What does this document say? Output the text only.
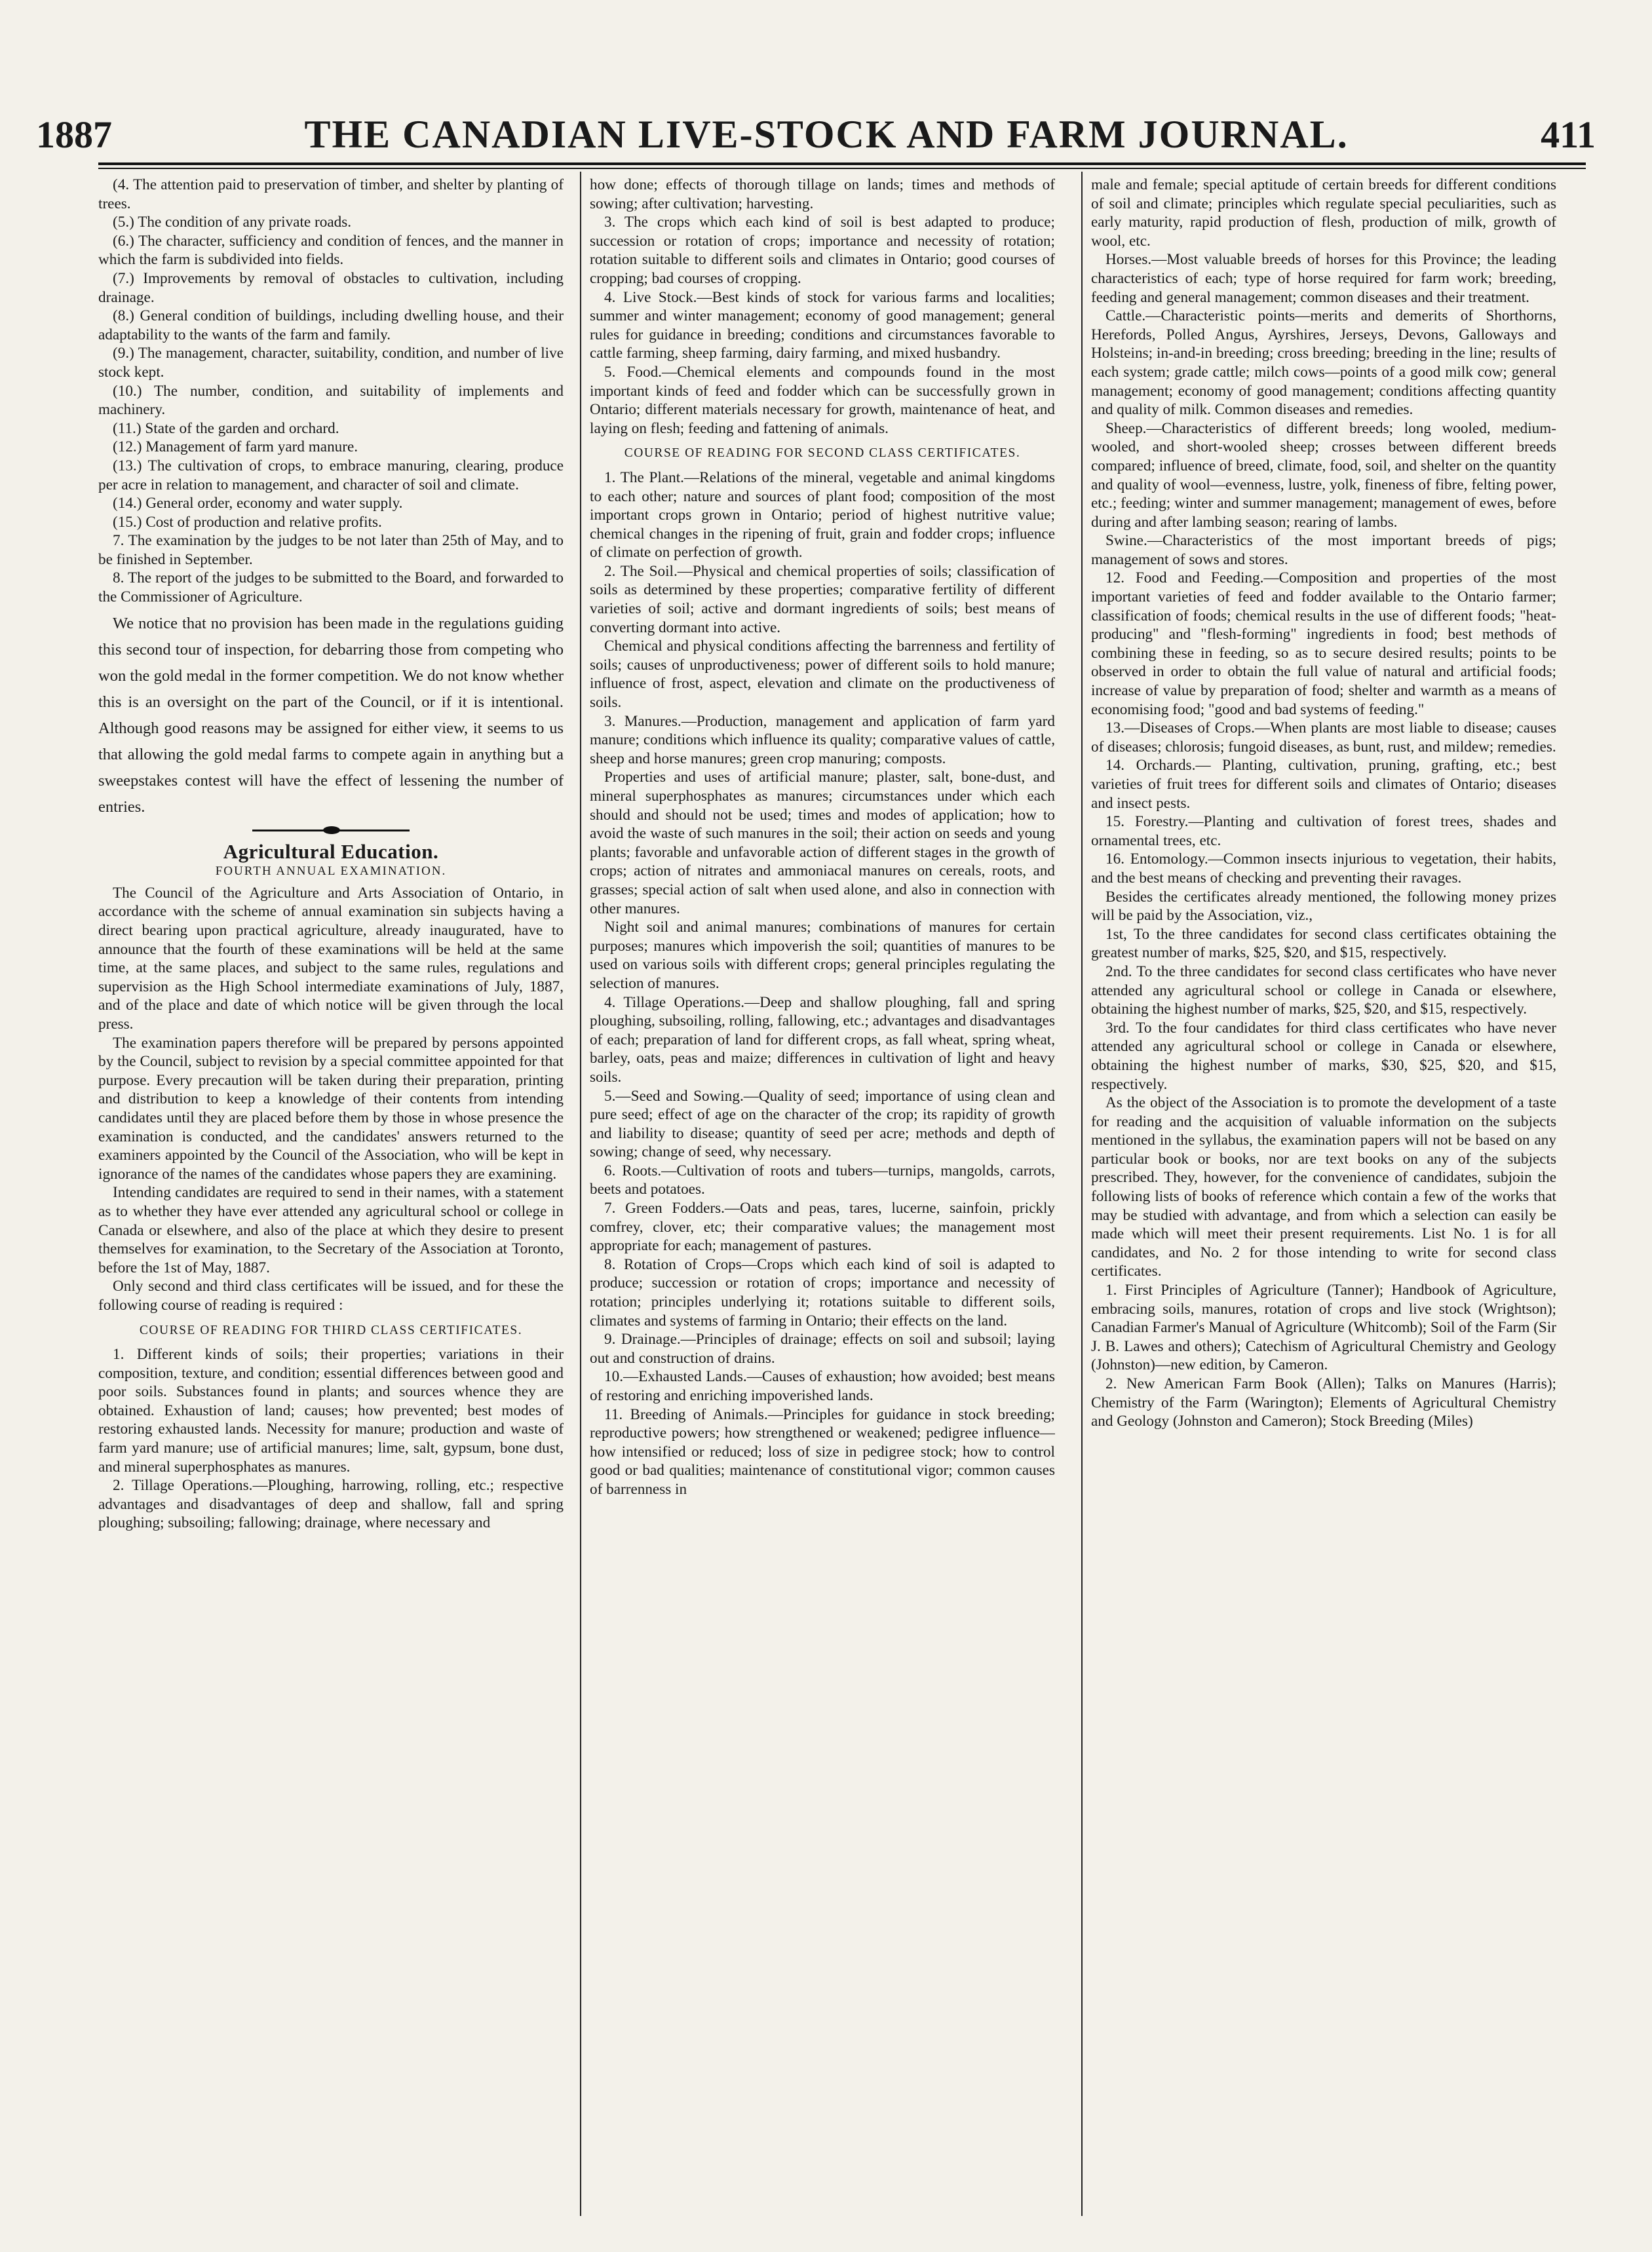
1887	THE CANADIAN LIVE-STOCK AND FARM JOURNAL.	411

(4. The attention paid to preservation of timber, and shelter by planting of trees.

(5.) The condition of any private roads.

(6.) The character, sufficiency and condition of fences, and the manner in which the farm is subdivided into fields.

(7.) Improvements by removal of obstacles to cultivation, including drainage.

(8.) General condition of buildings, including dwelling house, and their adaptability to the wants of the farm and family.

(9.) The management, character, suitability, condition, and number of live stock kept.

(10.) The number, condition, and suitability of implements and machinery.

(11.) State of the garden and orchard.

(12.) Management of farm yard manure.

(13.) The cultivation of crops, to embrace manuring, clearing, produce per acre in relation to management, and character of soil and climate.

(14.) General order, economy and water supply.

(15.) Cost of production and relative profits.

7. The examination by the judges to be not later than 25th of May, and to be finished in September.

8. The report of the judges to be submitted to the Board, and forwarded to the Commissioner of Agriculture.

We notice that no provision has been made in the regulations guiding this second tour of inspection, for debarring those from competing who won the gold medal in the former competition. We do not know whether this is an oversight on the part of the Council, or if it is intentional. Although good reasons may be assigned for either view, it seems to us that allowing the gold medal farms to compete again in anything but a sweepstakes contest will have the effect of lessening the number of entries.

Agricultural Education.

FOURTH ANNUAL EXAMINATION.

The Council of the Agriculture and Arts Association of Ontario, in accordance with the scheme of annual examination sin subjects having a direct bearing upon practical agriculture, already inaugurated, have to announce that the fourth of these examinations will be held at the same time, at the same places, and subject to the same rules, regulations and supervision as the High School intermediate examinations of July, 1887, and of the place and date of which notice will be given through the local press.

The examination papers therefore will be prepared by persons appointed by the Council, subject to revision by a special committee appointed for that purpose. Every precaution will be taken during their preparation, printing and distribution to keep a knowledge of their contents from intending candidates until they are placed before them by those in whose presence the examination is conducted, and the candidates' answers returned to the examiners appointed by the Council of the Association, who will be kept in ignorance of the names of the candidates whose papers they are examining.

Intending candidates are required to send in their names, with a statement as to whether they have ever attended any agricultural school or college in Canada or elsewhere, and also of the place at which they desire to present themselves for examination, to the Secretary of the Association at Toronto, before the 1st of May, 1887.

Only second and third class certificates will be issued, and for these the following course of reading is required :

COURSE OF READING FOR THIRD CLASS CERTIFICATES.

1. Different kinds of soils; their properties; variations in their composition, texture, and condition; essential differences between good and poor soils. Substances found in plants; and sources whence they are obtained. Exhaustion of land; causes; how prevented; best modes of restoring exhausted lands. Necessity for manure; production and waste of farm yard manure; use of artificial manures; lime, salt, gypsum, bone dust, and mineral superphosphates as manures.

2. Tillage Operations.—Ploughing, harrowing, rolling, etc.; respective advantages and disadvantages of deep and shallow, fall and spring ploughing; subsoiling; fallowing; drainage, where necessary and

how done; effects of thorough tillage on lands; times and methods of sowing; after cultivation; harvesting.

3. The crops which each kind of soil is best adapted to produce; succession or rotation of crops; importance and necessity of rotation; rotation suitable to different soils and climates in Ontario; good courses of cropping; bad courses of cropping.

4. Live Stock.—Best kinds of stock for various farms and localities; summer and winter management; economy of good management; general rules for guidance in breeding; conditions and circumstances favorable to cattle farming, sheep farming, dairy farming, and mixed husbandry.

5. Food.—Chemical elements and compounds found in the most important kinds of feed and fodder which can be successfully grown in Ontario; different materials necessary for growth, maintenance of heat, and laying on flesh; feeding and fattening of animals.

COURSE OF READING FOR SECOND CLASS CERTIFICATES.

1. The Plant.—Relations of the mineral, vegetable and animal kingdoms to each other; nature and sources of plant food; composition of the most important crops grown in Ontario; period of highest nutritive value; chemical changes in the ripening of fruit, grain and fodder crops; influence of climate on perfection of growth.

2. The Soil.—Physical and chemical properties of soils; classification of soils as determined by these properties; comparative fertility of different varieties of soil; active and dormant ingredients of soils; best means of converting dormant into active.

Chemical and physical conditions affecting the barrenness and fertility of soils; causes of unproductiveness; power of different soils to hold manure; influence of frost, aspect, elevation and climate on the productiveness of soils.

3. Manures.—Production, management and application of farm yard manure; conditions which influence its quality; comparative values of cattle, sheep and horse manures; green crop manuring; composts.

Properties and uses of artificial manure; plaster, salt, bone-dust, and mineral superphosphates as manures; circumstances under which each should and should not be used; times and modes of application; how to avoid the waste of such manures in the soil; their action on seeds and young plants; favorable and unfavorable action of different stages in the growth of crops; action of nitrates and ammoniacal manures on cereals, roots, and grasses; special action of salt when used alone, and also in connection with other manures.

Night soil and animal manures; combinations of manures for certain purposes; manures which impoverish the soil; quantities of manures to be used on various soils with different crops; general principles regulating the selection of manures.

4. Tillage Operations.—Deep and shallow ploughing, fall and spring ploughing, subsoiling, rolling, fallowing, etc.; advantages and disadvantages of each; preparation of land for different crops, as fall wheat, spring wheat, barley, oats, peas and maize; differences in cultivation of light and heavy soils.

5.—Seed and Sowing.—Quality of seed; importance of using clean and pure seed; effect of age on the character of the crop; its rapidity of growth and liability to disease; quantity of seed per acre; methods and depth of sowing; change of seed, why necessary.

6. Roots.—Cultivation of roots and tubers—turnips, mangolds, carrots, beets and potatoes.

7. Green Fodders.—Oats and peas, tares, lucerne, sainfoin, prickly comfrey, clover, etc; their comparative values; the management most appropriate for each; management of pastures.

8. Rotation of Crops—Crops which each kind of soil is adapted to produce; succession or rotation of crops; importance and necessity of rotation; principles underlying it; rotations suitable to different soils, climates and systems of farming in Ontario; their effects on the land.

9. Drainage.—Principles of drainage; effects on soil and subsoil; laying out and construction of drains.

10.—Exhausted Lands.—Causes of exhaustion; how avoided; best means of restoring and enriching impoverished lands.

11. Breeding of Animals.—Principles for guidance in stock breeding; reproductive powers; how strengthened or weakened; pedigree influence—how intensified or reduced; loss of size in pedigree stock; how to control good or bad qualities; maintenance of constitutional vigor; common causes of barrenness in

male and female; special aptitude of certain breeds for different conditions of soil and climate; principles which regulate special peculiarities, such as early maturity, rapid production of flesh, production of milk, growth of wool, etc.

Horses.—Most valuable breeds of horses for this Province; the leading characteristics of each; type of horse required for farm work; breeding, feeding and general management; common diseases and their treatment.

Cattle.—Characteristic points—merits and demerits of Shorthorns, Herefords, Polled Angus, Ayrshires, Jerseys, Devons, Galloways and Holsteins; in-and-in breeding; cross breeding; breeding in the line; results of each system; grade cattle; milch cows—points of a good milk cow; general management; economy of good management; conditions affecting quantity and quality of milk. Common diseases and remedies.

Sheep.—Characteristics of different breeds; long wooled, medium-wooled, and short-wooled sheep; crosses between different breeds compared; influence of breed, climate, food, soil, and shelter on the quantity and quality of wool—evenness, lustre, yolk, fineness of fibre, felting power, etc.; feeding; winter and summer management; management of ewes, before during and after lambing season; rearing of lambs.

Swine.—Characteristics of the most important breeds of pigs; management of sows and stores.

12. Food and Feeding.—Composition and properties of the most important varieties of feed and fodder available to the Ontario farmer; classification of foods; chemical results in the use of different foods; "heat-producing" and "flesh-forming" ingredients in food; best methods of combining these in feeding, so as to secure desired results; points to be observed in order to obtain the full value of natural and artificial foods; increase of value by preparation of food; shelter and warmth as a means of economising food; "good and bad systems of feeding."

13.—Diseases of Crops.—When plants are most liable to disease; causes of diseases; chlorosis; fungoid diseases, as bunt, rust, and mildew; remedies.

14. Orchards.— Planting, cultivation, pruning, grafting, etc.; best varieties of fruit trees for different soils and climates of Ontario; diseases and insect pests.

15. Forestry.—Planting and cultivation of forest trees, shades and ornamental trees, etc.

16. Entomology.—Common insects injurious to vegetation, their habits, and the best means of checking and preventing their ravages.

Besides the certificates already mentioned, the following money prizes will be paid by the Association, viz.,

1st, To the three candidates for second class certificates obtaining the greatest number of marks, $25, $20, and $15, respectively.

2nd. To the three candidates for second class certificates who have never attended any agricultural school or college in Canada or elsewhere, obtaining the highest number of marks, $25, $20, and $15, respectively.

3rd. To the four candidates for third class certificates who have never attended any agricultural school or college in Canada or elsewhere, obtaining the highest number of marks, $30, $25, $20, and $15, respectively.

As the object of the Association is to promote the development of a taste for reading and the acquisition of valuable information on the subjects mentioned in the syllabus, the examination papers will not be based on any particular book or books, nor are text books on any of the subjects prescribed. They, however, for the convenience of candidates, subjoin the following lists of books of reference which contain a few of the works that may be studied with advantage, and from which a selection can easily be made which will meet their present requirements. List No. 1 is for all candidates, and No. 2 for those intending to write for second class certificates.

1. First Principles of Agriculture (Tanner); Handbook of Agriculture, embracing soils, manures, rotation of crops and live stock (Wrightson); Canadian Farmer's Manual of Agriculture (Whitcomb); Soil of the Farm (Sir J. B. Lawes and others); Catechism of Agricultural Chemistry and Geology (Johnston)—new edition, by Cameron.

2. New American Farm Book (Allen); Talks on Manures (Harris); Chemistry of the Farm (Warington); Elements of Agricultural Chemistry and Geology (Johnston and Cameron); Stock Breeding (Miles)
